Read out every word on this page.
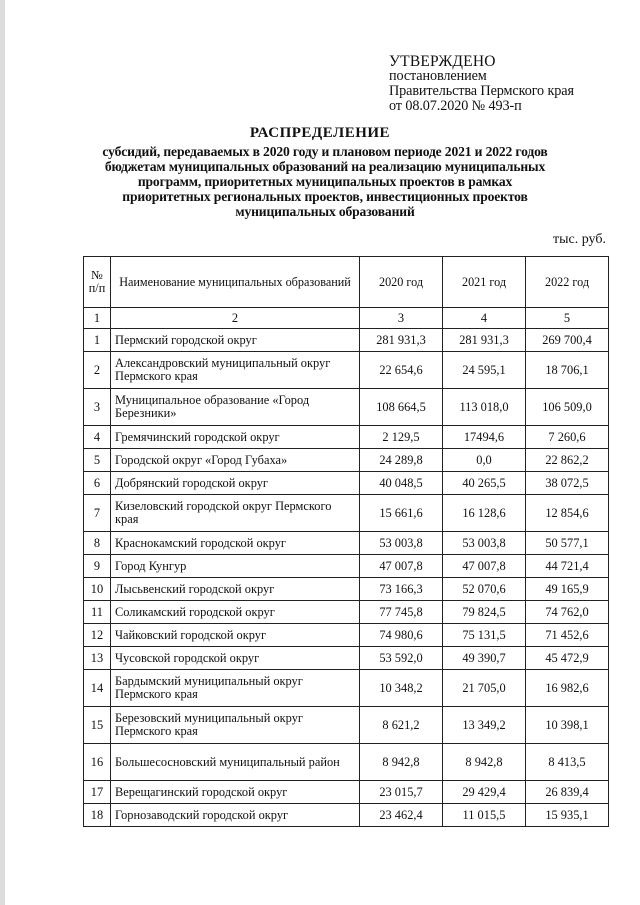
УТВЕРЖДЕНО
постановлением
Правительства Пермского края
от 08.07.2020 № 493-п
РАСПРЕДЕЛЕНИЕ
субсидий, передаваемых в 2020 году и плановом периоде 2021 и 2022 годов
бюджетам муниципальных образований на реализацию муниципальных
программ, приоритетных муниципальных проектов в рамках
приоритетных региональных проектов, инвестиционных проектов
муниципальных образований
тыс. руб.
№ п/п	Наименование муниципальных образований	2020 год	2021 год	2022 год
1	2	3	4	5
1	Пермский городской округ	281 931,3	281 931,3	269 700,4
2	Александровский муниципальный округ Пермского края	22 654,6	24 595,1	18 706,1
3	Муниципальное образование «Город Березники»	108 664,5	113 018,0	106 509,0
4	Гремячинский городской округ	2 129,5	17494,6	7 260,6
5	Городской округ «Город Губаха»	24 289,8	0,0	22 862,2
6	Добрянский городской округ	40 048,5	40 265,5	38 072,5
7	Кизеловский городской округ Пермского края	15 661,6	16 128,6	12 854,6
8	Краснокамский городской округ	53 003,8	53 003,8	50 577,1
9	Город Кунгур	47 007,8	47 007,8	44 721,4
10	Лысьвенский городской округ	73 166,3	52 070,6	49 165,9
11	Соликамский городской округ	77 745,8	79 824,5	74 762,0
12	Чайковский городской округ	74 980,6	75 131,5	71 452,6
13	Чусовской городской округ	53 592,0	49 390,7	45 472,9
14	Бардымский муниципальный округ Пермского края	10 348,2	21 705,0	16 982,6
15	Березовский муниципальный округ Пермского края	8 621,2	13 349,2	10 398,1
16	Большесосновский муниципальный район	8 942,8	8 942,8	8 413,5
17	Верещагинский городской округ	23 015,7	29 429,4	26 839,4
18	Горнозаводский городской округ	23 462,4	11 015,5	15 935,1
